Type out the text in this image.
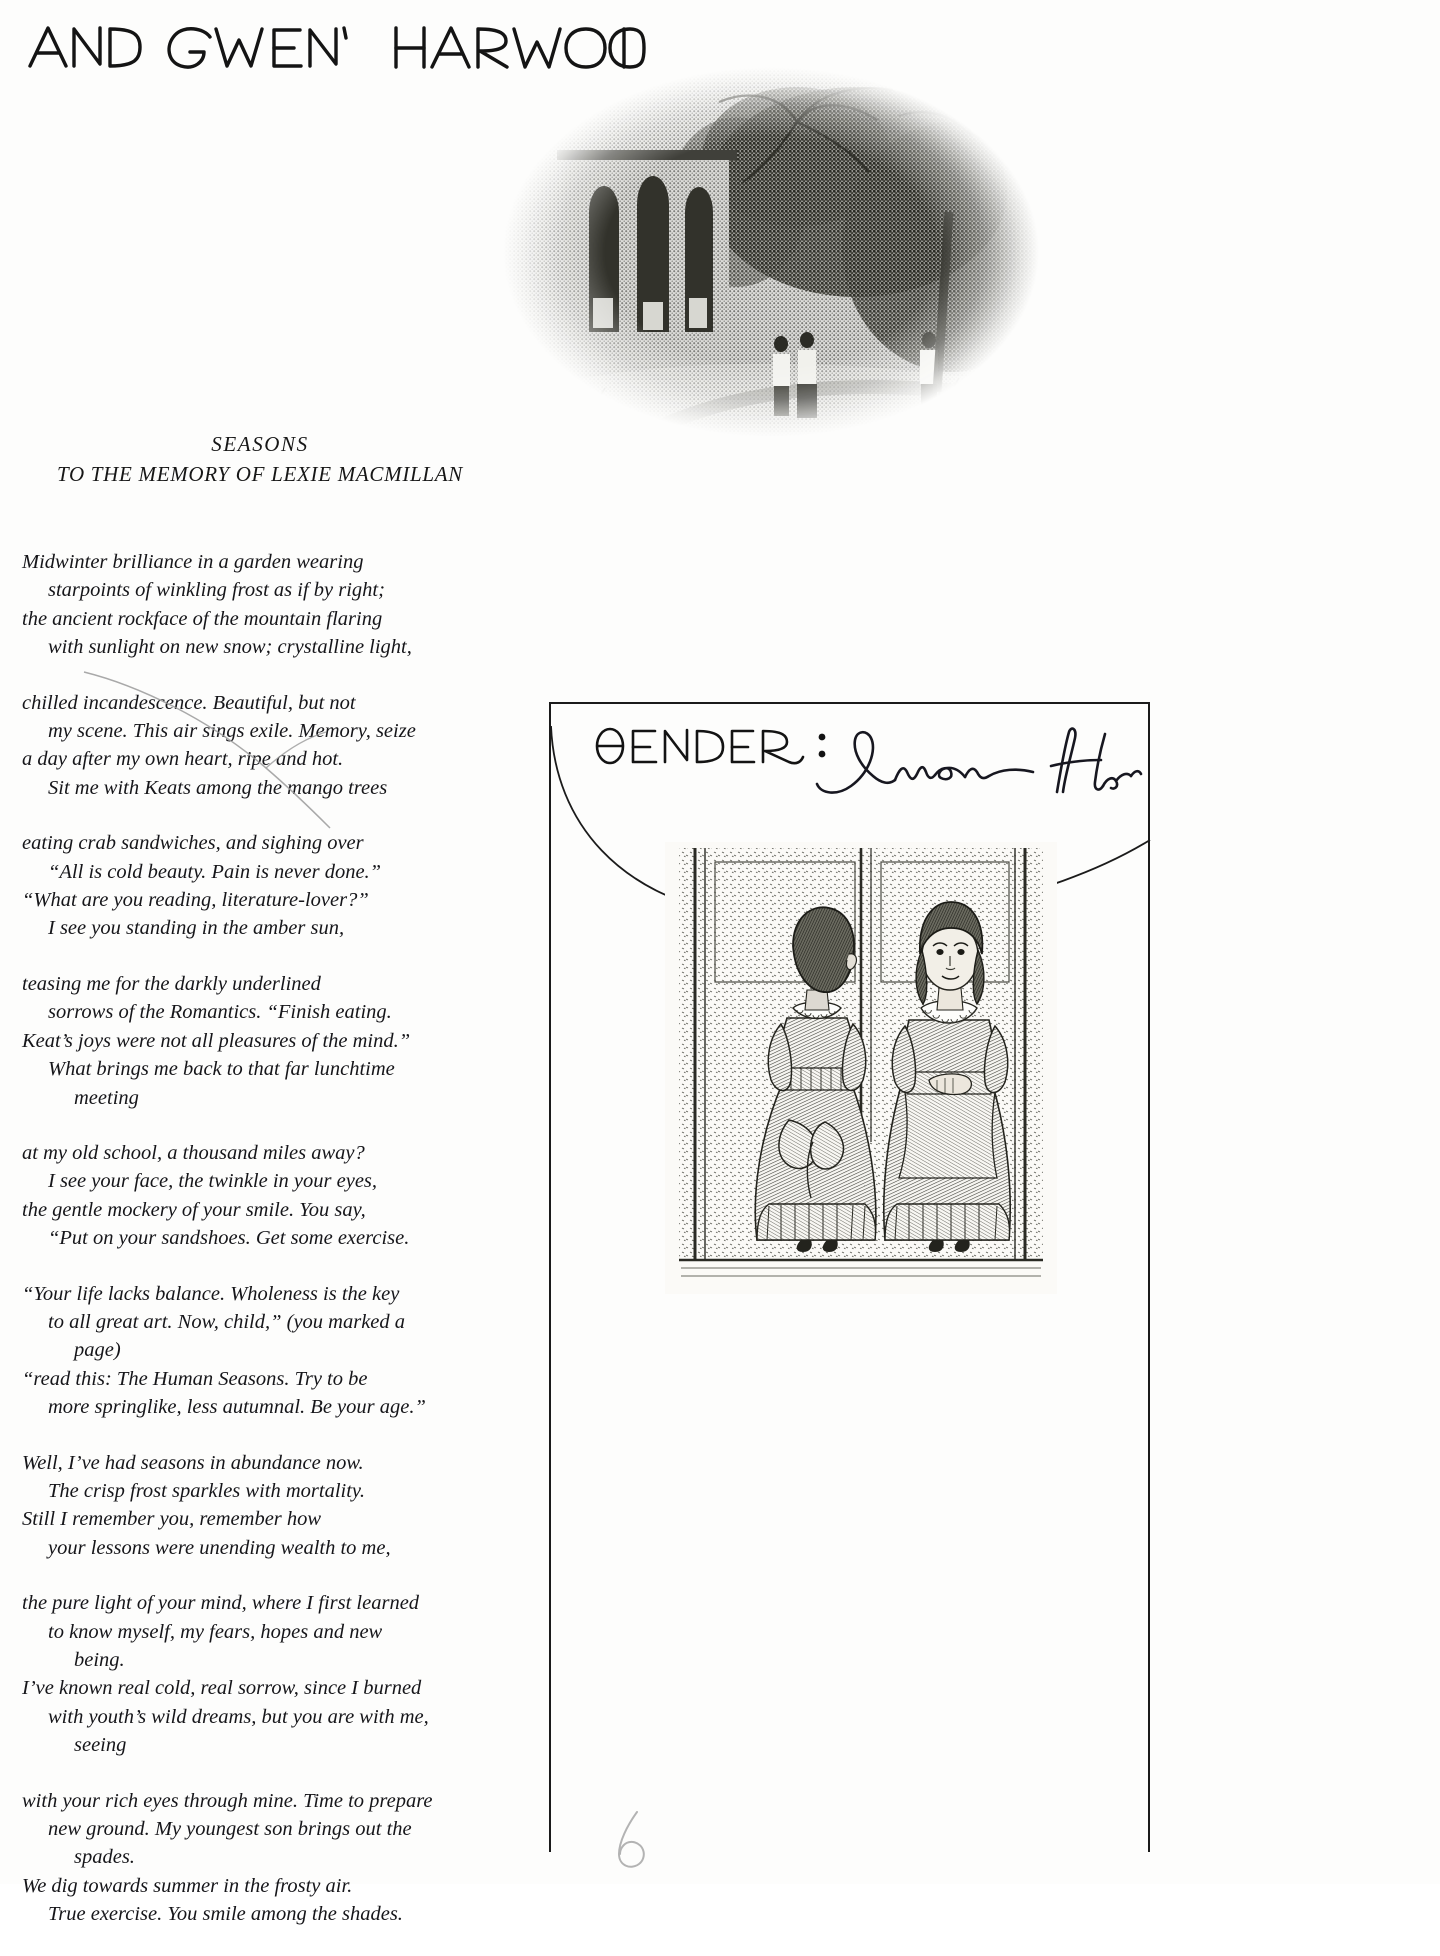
SEASONS
TO THE MEMORY OF LEXIE MACMILLAN
Midwinter brilliance in a garden wearing
starpoints of winkling frost as if by right;
the ancient rockface of the mountain flaring
with sunlight on new snow; crystalline light,
chilled incandescence. Beautiful, but not
my scene. This air sings exile. Memory, seize
a day after my own heart, ripe and hot.
Sit me with Keats among the mango trees
eating crab sandwiches, and sighing over
“All is cold beauty. Pain is never done.”
“What are you reading, literature-lover?”
I see you standing in the amber sun,
teasing me for the darkly underlined
sorrows of the Romantics. “Finish eating.
Keat’s joys were not all pleasures of the mind.”
What brings me back to that far lunchtime
meeting
at my old school, a thousand miles away?
I see your face, the twinkle in your eyes,
the gentle mockery of your smile. You say,
“Put on your sandshoes. Get some exercise.
“Your life lacks balance. Wholeness is the key
to all great art. Now, child,” (you marked a
page)
“read this: The Human Seasons. Try to be
more springlike, less autumnal. Be your age.”
Well, I’ve had seasons in abundance now.
The crisp frost sparkles with mortality.
Still I remember you, remember how
your lessons were unending wealth to me,
the pure light of your mind, where I first learned
to know myself, my fears, hopes and new
being.
I’ve known real cold, real sorrow, since I burned
with youth’s wild dreams, but you are with me,
seeing
with your rich eyes through mine. Time to prepare
new ground. My youngest son brings out the
spades.
We dig towards summer in the frosty air.
True exercise. You smile among the shades.
